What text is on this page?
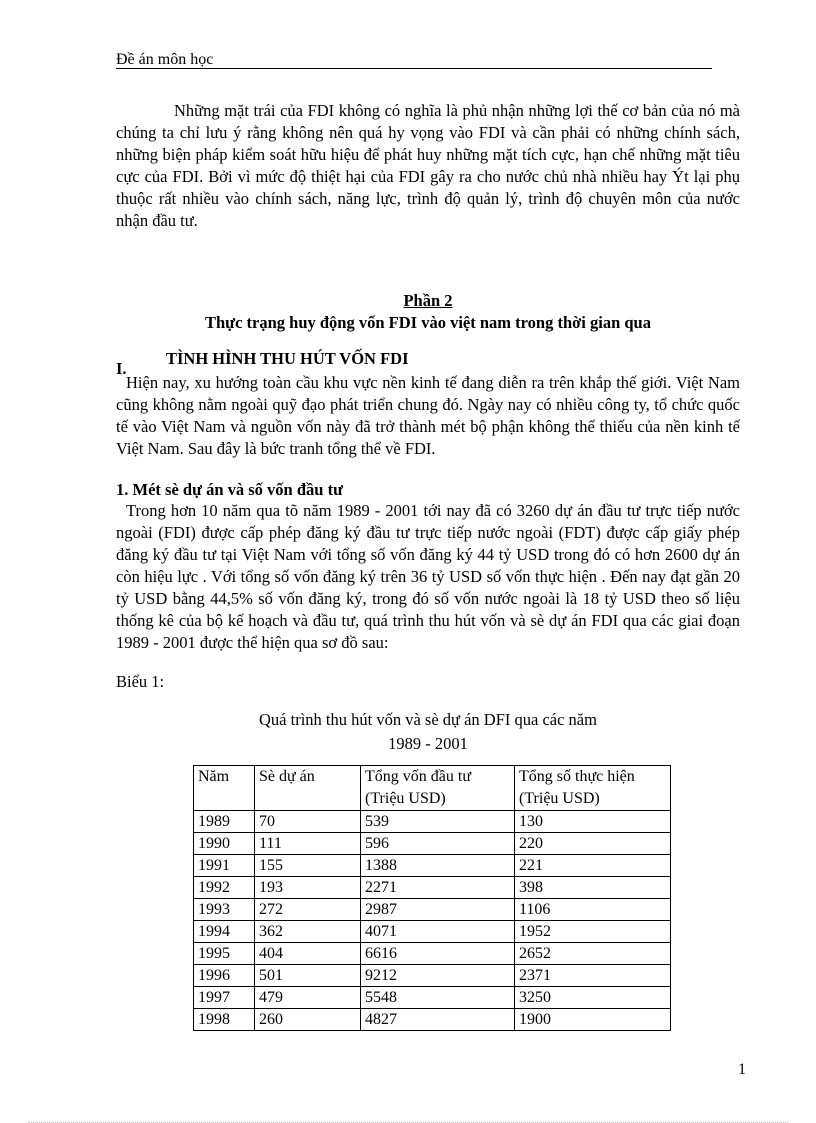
Đề án môn học

Những mặt trái của FDI không có nghĩa là phủ nhận những lợi thế cơ bản của nó mà chúng ta chỉ lưu ý rằng không nên quá hy vọng vào FDI và cần phải có những chính sách, những biện pháp kiểm soát hữu hiệu để phát huy những mặt tích cực, hạn chế những mặt tiêu cực của FDI. Bởi vì mức độ thiệt hại của FDI gây ra cho nước chủ nhà nhiều hay Ýt lại phụ thuộc rất nhiều vào chính sách, năng lực, trình độ quản lý, trình độ chuyên môn của nước nhận đầu tư.

Phần 2
Thực trạng huy động vốn FDI vào việt nam trong thời gian qua
I.
TÌNH HÌNH THU HÚT VỐN FDI

Hiện nay, xu hướng toàn cầu khu vực nền kinh tế đang diễn ra trên khắp thế giới. Việt Nam cũng không nằm ngoài quỹ đạo phát triển chung đó. Ngày nay có nhiều công ty, tổ chức quốc tế vào Việt Nam và nguồn vốn này đã trở thành mét bộ phận không thể thiếu của nền kinh tế Việt Nam. Sau đây là bức tranh tổng thể về FDI.

1. Mét sè dự án và số vốn đầu tư

Trong hơn 10 năm qua tõ năm 1989 - 2001 tới nay đã có 3260 dự án đầu tư trực tiếp nước ngoài (FDI) được cấp phép đăng ký đầu tư trực tiếp nước ngoài (FDT) được cấp giấy phép đăng ký đầu tư tại Việt Nam với tổng số vốn đăng ký 44 tỷ USD trong đó có hơn 2600 dự án còn hiệu lực . Với tổng số vốn đăng ký trên 36 tỷ USD số vốn thực hiện . Đến nay đạt gần 20 tỷ USD bằng 44,5% số vốn đăng ký, trong đó số vốn nước ngoài là 18 tỷ USD theo số liệu thống kê của bộ kế hoạch và đầu tư, quá trình thu hút vốn và sè dự án FDI qua các giai đoạn 1989 - 2001 được thể hiện qua sơ đồ sau:

Biểu 1:
Quá trình thu hút vốn và sè dự án DFI qua các năm
1989 - 2001
Năm	Sè dự án	Tổng vốn đầu tư (Triệu USD)	Tổng số thực hiện (Triệu USD)
1989	70	539	130
1990	111	596	220
1991	155	1388	221
1992	193	2271	398
1993	272	2987	1106
1994	362	4071	1952
1995	404	6616	2652
1996	501	9212	2371
1997	479	5548	3250
1998	260	4827	1900
1
